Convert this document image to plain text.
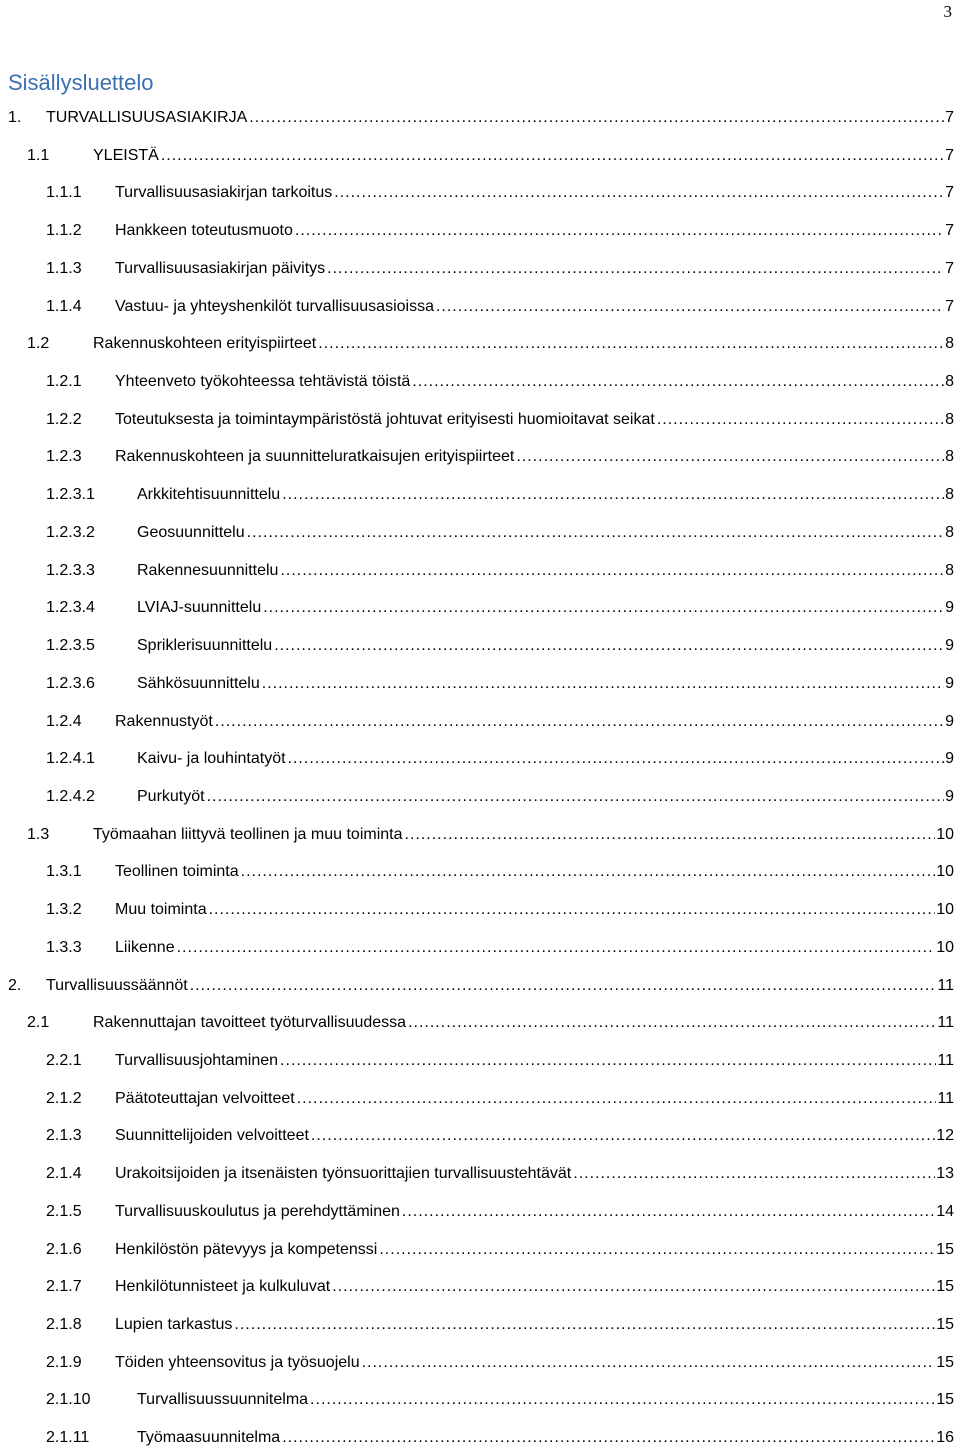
3
Sisällysluettelo
1. TURVALLISUUSASIAKIRJA .....	7
1.1	YLEISTÄ .....	7
1.1.1 Turvallisuusasiakirjan tarkoitus .....	7
1.1.2 Hankkeen toteutusmuoto .....	7
1.1.3 Turvallisuusasiakirjan päivitys .....	7
1.1.4 Vastuu- ja yhteyshenkilöt turvallisuusasioissa .....	7
1.2	Rakennuskohteen erityispiirteet .....	8
1.2.1 Yhteenveto työkohteessa tehtävistä töistä .....	8
1.2.2 Toteutuksesta ja toimintaympäristöstä johtuvat erityisesti huomioitavat seikat .....	8
1.2.3 Rakennuskohteen ja suunnitteluratkaisujen erityispiirteet .....	8
1.2.3.1	Arkkitehtisuunnittelu .....	8
1.2.3.2	Geosuunnittelu .....	8
1.2.3.3	Rakennesuunnittelu .....	8
1.2.3.4	LVIAJ-suunnittelu .....	9
1.2.3.5	Spriklerisuunnittelu .....	9
1.2.3.6	Sähkösuunnittelu .....	9
1.2.4 Rakennustyöt .....	9
1.2.4.1	Kaivu- ja louhintatyöt .....	9
1.2.4.2	Purkutyöt .....	9
1.3	Työmaahan liittyvä teollinen ja muu toiminta .....	10
1.3.1 Teollinen toiminta .....	10
1.3.2 Muu toiminta .....	10
1.3.3 Liikenne .....	10
2. Turvallisuussäännöt .....	11
2.1	Rakennuttajan tavoitteet työturvallisuudessa .....	11
2.2.1 Turvallisuusjohtaminen .....	11
2.1.2 Päätoteuttajan velvoitteet .....	11
2.1.3 Suunnittelijoiden velvoitteet .....	12
2.1.4 Urakoitsijoiden ja itsenäisten työnsuorittajien turvallisuustehtävät .....	13
2.1.5 Turvallisuuskoulutus ja perehdyttäminen .....	14
2.1.6 Henkilöstön pätevyys ja kompetenssi .....	15
2.1.7 Henkilötunnisteet ja kulkuluvat .....	15
2.1.8 Lupien tarkastus .....	15
2.1.9 Töiden yhteensovitus ja työsuojelu .....	15
2.1.10	Turvallisuussuunnitelma .....	15
2.1.11	Työmaasuunnitelma .....	16
